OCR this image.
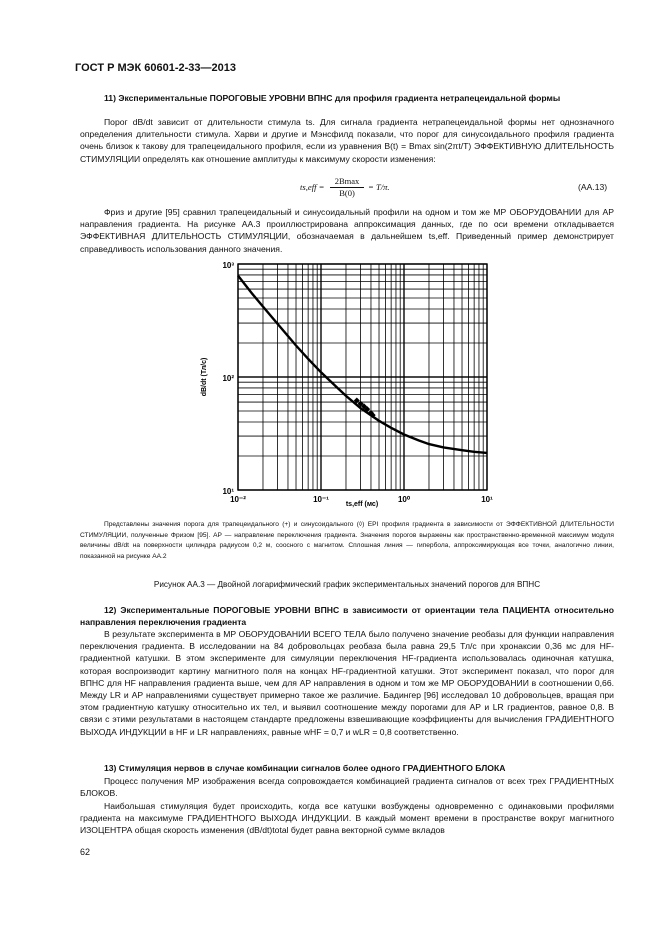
ГОСТ Р МЭК 60601-2-33—2013
11) Экспериментальные ПОРОГОВЫЕ УРОВНИ ВПНС для профиля градиента нетрапецеидальной формы
Порог dB/dt зависит от длительности стимула ts. Для сигнала градиента нетрапецеидальной формы нет однозначного определения длительности стимула. Харви и другие и Мэнсфилд показали, что порог для синусоидального профиля градиента очень близок к такову для трапецеидального профиля, если из уравнения B(t) = Bmax sin(2πt/T) ЭФФЕКТИВНУЮ ДЛИТЕЛЬНОСТЬ СТИМУЛЯЦИИ определять как отношение амплитуды к максимуму скорости изменения:
ts,eff =
2Bmax
B(0)
= T/π.	(АА.13)
Фриз и другие [95] сравнил трапецеидальный и синусоидальный профили на одном и том же МР ОБОРУДОВАНИИ для AP направления градиента. На рисунке АА.3 проиллюстрирована аппроксимация данных, где по оси времени откладывается ЭФФЕКТИВНАЯ ДЛИТЕЛЬНОСТЬ СТИМУЛЯЦИИ, обозначаемая в дальнейшем ts,eff. Приведенный пример демонстрирует справедливость использования данного значения.
10⁻²	10⁻¹	10⁰	10¹
10³
10²
10¹
dB/dt (Тл/с)
ts,eff (мс)
Представлены значения порога для трапецеидального (+) и синусоидального (◊) EPI профиля градиента в зависимости от ЭФФЕКТИВНОЙ ДЛИТЕЛЬНОСТИ СТИМУЛЯЦИИ, полученные Фризом [95]. AP — направление переключения градиента. Значения порогов выражены как пространственно-временной максимум модуля величины dB/dt на поверхности цилиндра радиусом 0,2 м, соосного с магнитом. Сплошная линия — гипербола, аппроксимирующая все точки, аналогично линии, показанной на рисунке АА.2
Рисунок АА.3 — Двойной логарифмический график экспериментальных значений порогов для ВПНС
12) Экспериментальные ПОРОГОВЫЕ УРОВНИ ВПНС в зависимости от ориентации тела ПАЦИЕНТА относительно направления переключения градиента
В результате эксперимента в МР ОБОРУДОВАНИИ ВСЕГО ТЕЛА было получено значение реобазы для функции направления переключения градиента. В исследовании на 84 добровольцах реобаза была равна 29,5 Тл/с при хронаксии 0,36 мс для HF-градиентной катушки. В этом эксперименте для симуляции переключения HF-градиента использовалась одиночная катушка, которая воспроизводит картину магнитного поля на концах HF-градиентной катушки. Этот эксперимент показал, что порог для ВПНС для HF направления градиента выше, чем для AP направления в одном и том же МР ОБОРУДОВАНИИ в соотношении 0,66. Между LR и AP направлениями существует примерно такое же различие. Бадингер [96] исследовал 10 добровольцев, вращая при этом градиентную катушку относительно их тел, и выявил соотношение между порогами для AP и LR градиентов, равное 0,8. В связи с этими результатами в настоящем стандарте предложены взвешивающие коэффициенты для вычисления ГРАДИЕНТНОГО ВЫХОДА ИНДУКЦИИ в HF и LR направлениях, равные wHF = 0,7 и wLR = 0,8 соответственно.
13) Стимуляция нервов в случае комбинации сигналов более одного ГРАДИЕНТНОГО БЛОКА
Процесс получения МР изображения всегда сопровождается комбинацией градиента сигналов от всех трех ГРАДИЕНТНЫХ БЛОКОВ.
Наибольшая стимуляция будет происходить, когда все катушки возбуждены одновременно с одинаковыми профилями градиента на максимуме ГРАДИЕНТНОГО ВЫХОДА ИНДУКЦИИ. В каждый момент времени в пространстве вокруг магнитного ИЗОЦЕНТРА общая скорость изменения (dB/dt)total будет равна векторной сумме вкладов
62
